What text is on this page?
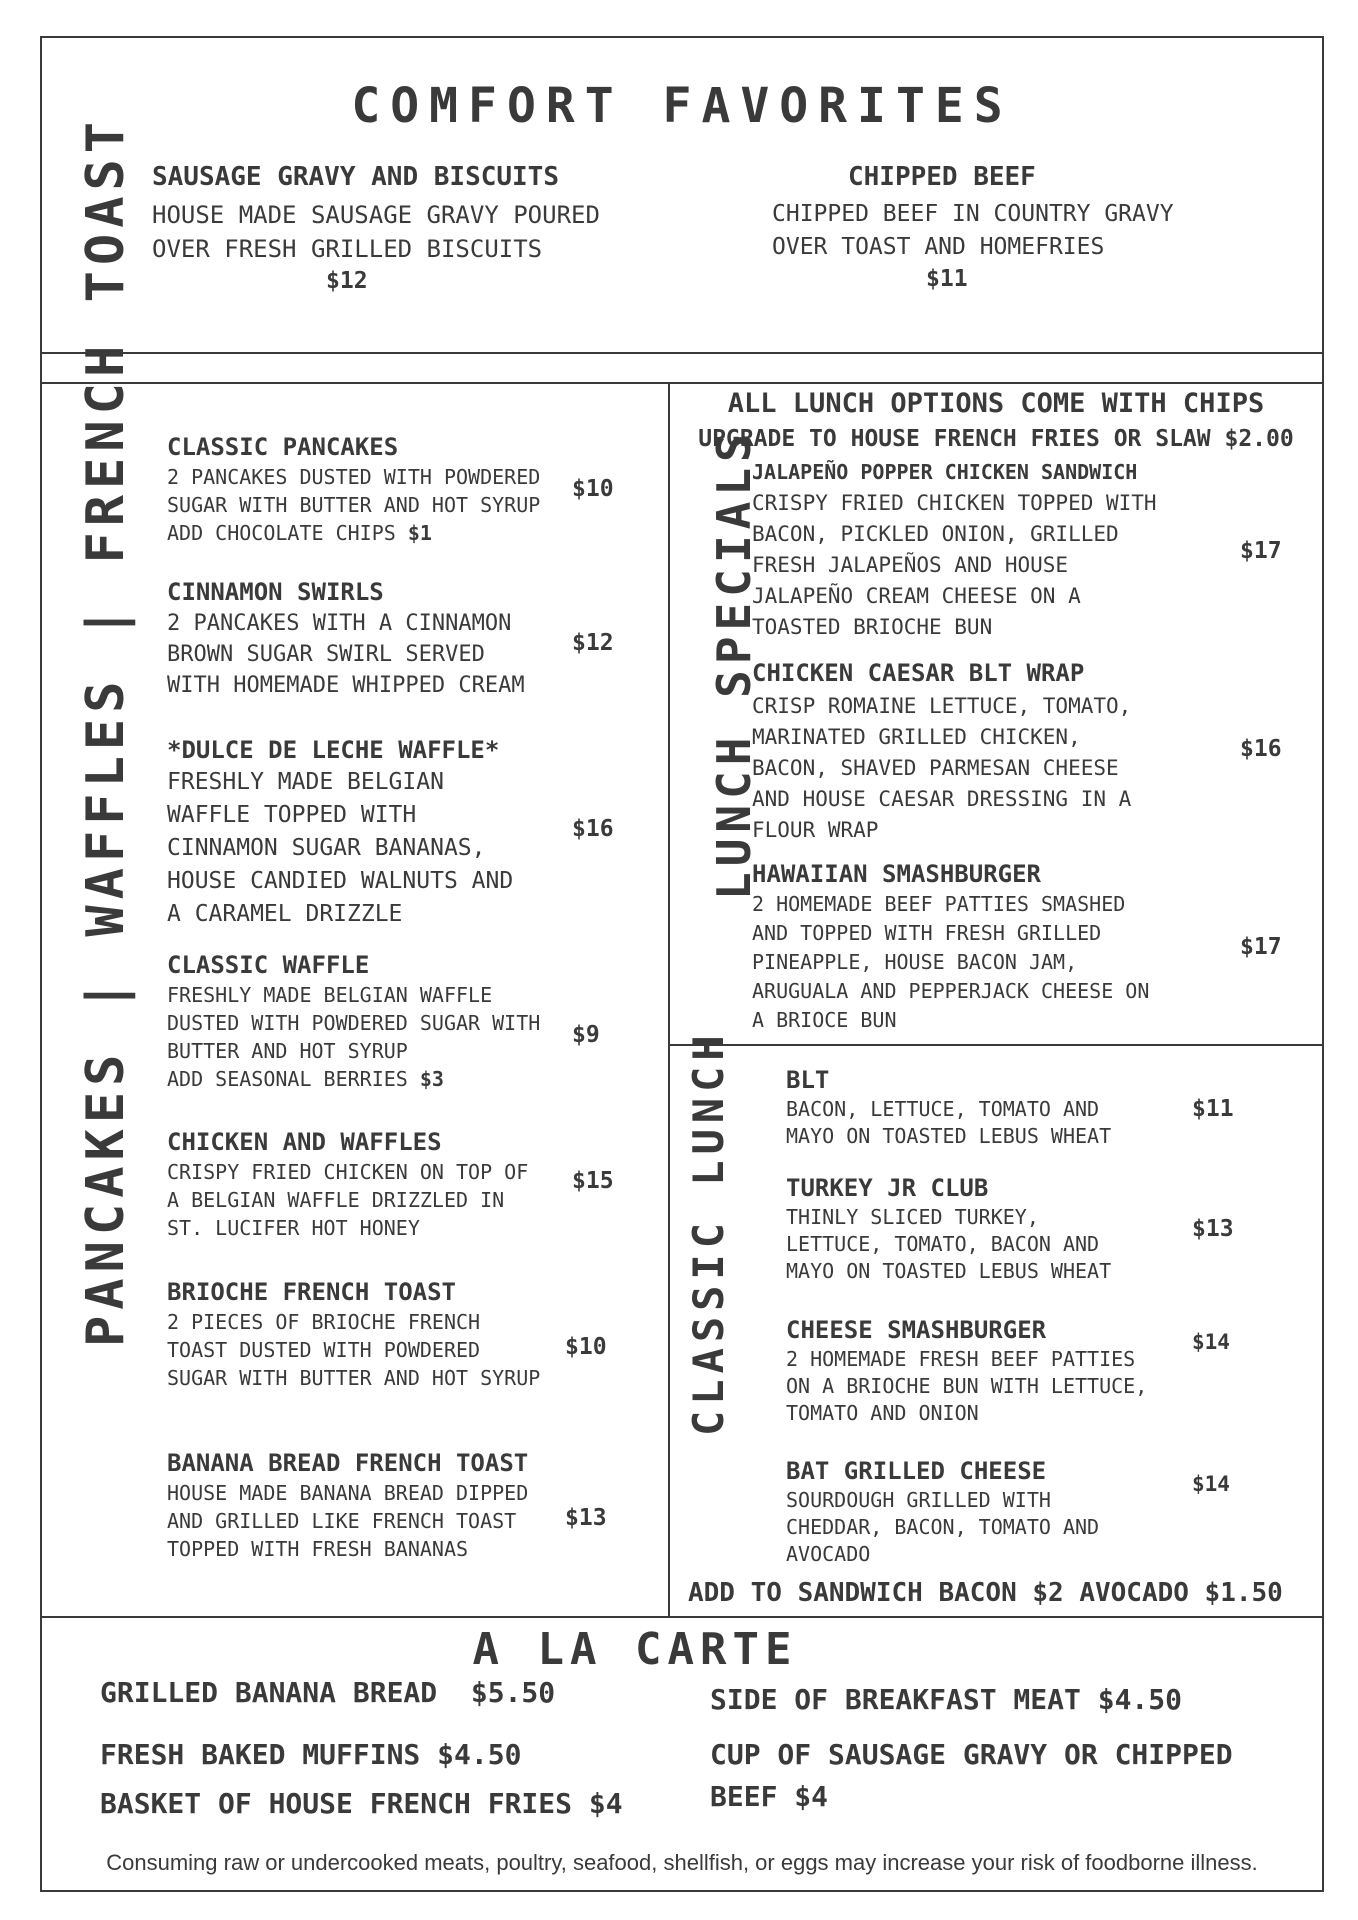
COMFORT FAVORITES
SAUSAGE GRAVY AND BISCUITS
HOUSE MADE SAUSAGE GRAVY POURED
OVER FRESH GRILLED BISCUITS
$12
CHIPPED BEEF
CHIPPED BEEF IN COUNTRY GRAVY
OVER TOAST AND HOMEFRIES
$11
PANCAKES | WAFFLES | FRENCH TOAST CLASSIC PANCAKES
2 PANCAKES DUSTED WITH POWDERED
SUGAR WITH BUTTER AND HOT SYRUP
ADD CHOCOLATE CHIPS $1
$10
CINNAMON SWIRLS
2 PANCAKES WITH A CINNAMON
BROWN SUGAR SWIRL SERVED
WITH HOMEMADE WHIPPED CREAM
$12
*DULCE DE LECHE WAFFLE*
FRESHLY MADE BELGIAN
WAFFLE TOPPED WITH
CINNAMON SUGAR BANANAS,
HOUSE CANDIED WALNUTS AND
A CARAMEL DRIZZLE
$16
CLASSIC WAFFLE
FRESHLY MADE BELGIAN WAFFLE
DUSTED WITH POWDERED SUGAR WITH
BUTTER AND HOT SYRUP
ADD SEASONAL BERRIES $3
$9
CHICKEN AND WAFFLES
CRISPY FRIED CHICKEN ON TOP OF
A BELGIAN WAFFLE DRIZZLED IN
ST. LUCIFER HOT HONEY
$15
BRIOCHE FRENCH TOAST
2 PIECES OF BRIOCHE FRENCH
TOAST DUSTED WITH POWDERED
SUGAR WITH BUTTER AND HOT SYRUP
$10
BANANA BREAD FRENCH TOAST
HOUSE MADE BANANA BREAD DIPPED
AND GRILLED LIKE FRENCH TOAST
TOPPED WITH FRESH BANANAS
$13
ALL LUNCH OPTIONS COME WITH CHIPS
UPGRADE TO HOUSE FRENCH FRIES OR SLAW $2.00
LUNCH SPECIALS
JALAPEÑO POPPER CHICKEN SANDWICH
CRISPY FRIED CHICKEN TOPPED WITH
BACON, PICKLED ONION, GRILLED
FRESH JALAPEÑOS AND HOUSE
JALAPEÑO CREAM CHEESE ON A
TOASTED BRIOCHE BUN
$17
CHICKEN CAESAR BLT WRAP
CRISP ROMAINE LETTUCE, TOMATO,
MARINATED GRILLED CHICKEN,
BACON, SHAVED PARMESAN CHEESE
AND HOUSE CAESAR DRESSING IN A
FLOUR WRAP
$16
HAWAIIAN SMASHBURGER
2 HOMEMADE BEEF PATTIES SMASHED
AND TOPPED WITH FRESH GRILLED
PINEAPPLE, HOUSE BACON JAM,
ARUGUALA AND PEPPERJACK CHEESE ON
A BRIOCE BUN
$17
CLASSIC LUNCH BLT
BACON, LETTUCE, TOMATO AND
MAYO ON TOASTED LEBUS WHEAT
$11
TURKEY JR CLUB
THINLY SLICED TURKEY,
LETTUCE, TOMATO, BACON AND
MAYO ON TOASTED LEBUS WHEAT
$13
CHEESE SMASHBURGER
2 HOMEMADE FRESH BEEF PATTIES
ON A BRIOCHE BUN WITH LETTUCE,
TOMATO AND ONION
$14
BAT GRILLED CHEESE
SOURDOUGH GRILLED WITH
CHEDDAR, BACON, TOMATO AND
AVOCADO
$14
ADD TO SANDWICH BACON $2 AVOCADO $1.50
A LA CARTE
GRILLED BANANA BREAD  $5.50
FRESH BAKED MUFFINS $4.50
BASKET OF HOUSE FRENCH FRIES $4
SIDE OF BREAKFAST MEAT $4.50
CUP OF SAUSAGE GRAVY OR CHIPPED
BEEF $4
Consuming raw or undercooked meats, poultry, seafood, shellfish, or eggs may increase your risk of foodborne illness.
